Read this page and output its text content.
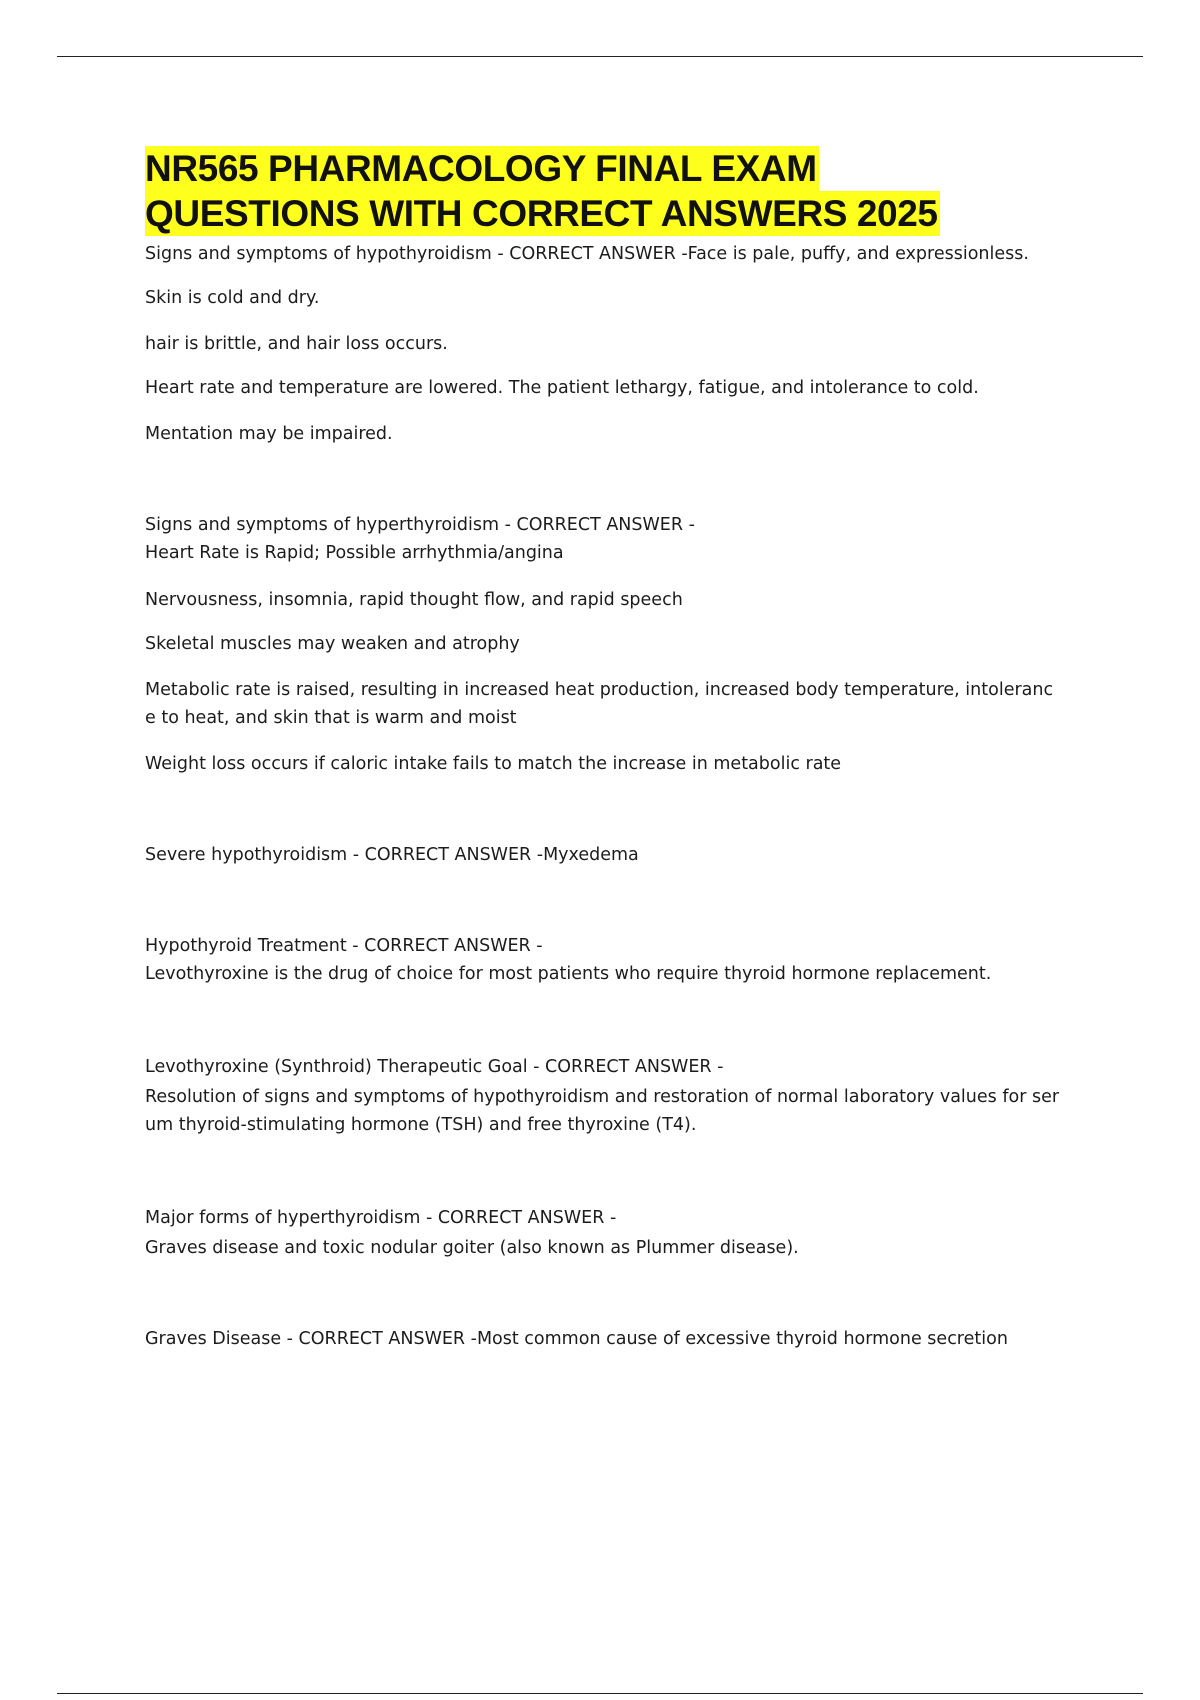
NR565 PHARMACOLOGY FINAL EXAM
QUESTIONS WITH CORRECT ANSWERS 2025

Signs and symptoms of hypothyroidism - CORRECT ANSWER -Face is pale, puffy, and expressionless.

Skin is cold and dry.

hair is brittle, and hair loss occurs.

Heart rate and temperature are lowered. The patient lethargy, fatigue, and intolerance to cold.

Mentation may be impaired.

Signs and symptoms of hyperthyroidism - CORRECT ANSWER -

Heart Rate is Rapid; Possible arrhythmia/angina

Nervousness, insomnia, rapid thought flow, and rapid speech

Skeletal muscles may weaken and atrophy

Metabolic rate is raised, resulting in increased heat production, increased body temperature, intoleranc

e to heat, and skin that is warm and moist

Weight loss occurs if caloric intake fails to match the increase in metabolic rate

Severe hypothyroidism - CORRECT ANSWER -Myxedema

Hypothyroid Treatment - CORRECT ANSWER -

Levothyroxine is the drug of choice for most patients who require thyroid hormone replacement.

Levothyroxine (Synthroid) Therapeutic Goal - CORRECT ANSWER -

Resolution of signs and symptoms of hypothyroidism and restoration of normal laboratory values for ser

um thyroid-stimulating hormone (TSH) and free thyroxine (T4).

Major forms of hyperthyroidism - CORRECT ANSWER -

Graves disease and toxic nodular goiter (also known as Plummer disease).

Graves Disease - CORRECT ANSWER -Most common cause of excessive thyroid hormone secretion
